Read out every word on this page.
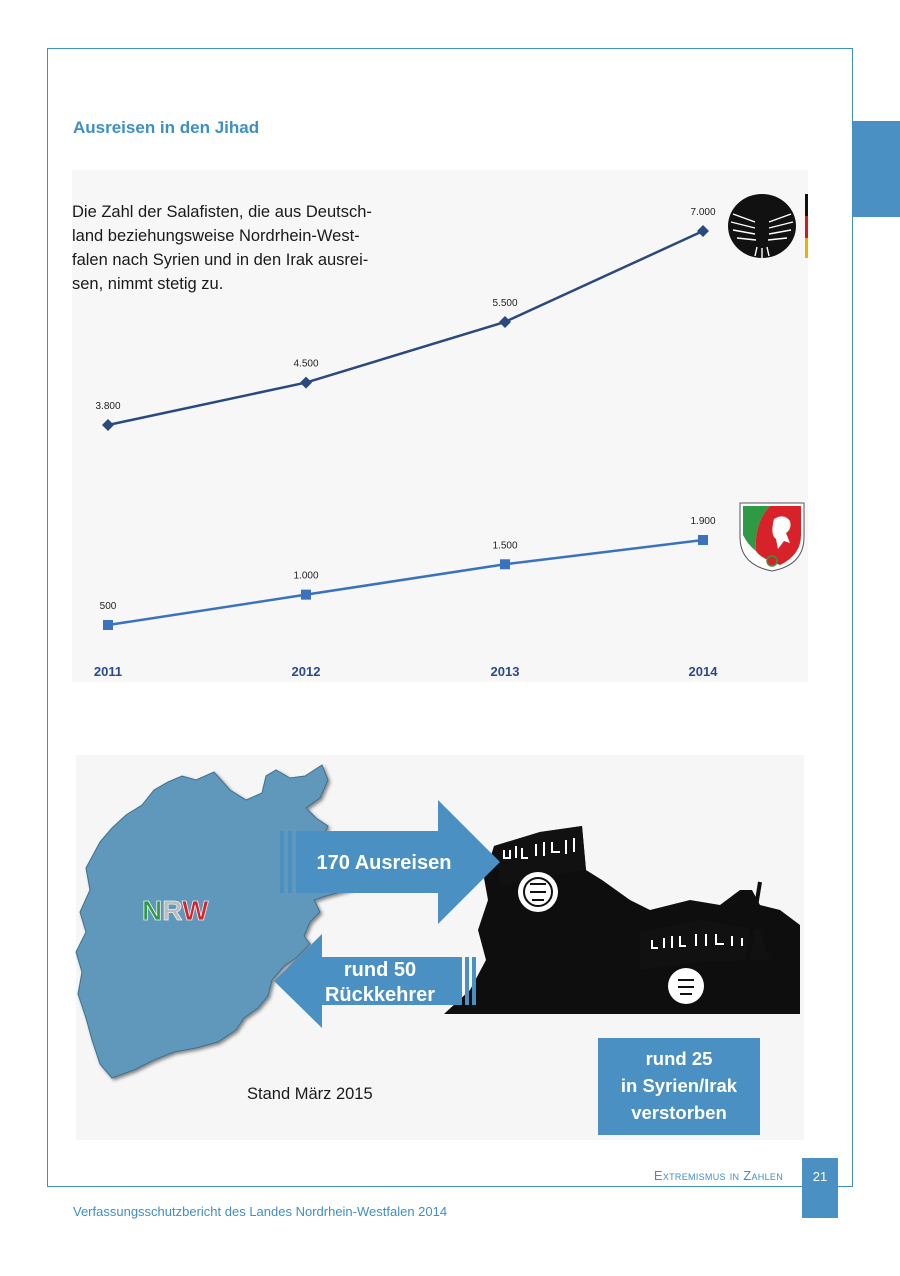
Ausreisen in den Jihad
3.800
4.500
5.500
7.000
500
1.000
1.500
1.900
2011	2012	2013	2014
Die Zahl der Salafisten, die aus Deutsch-
land beziehungsweise Nordrhein-West-
falen nach Syrien und in den Irak ausrei-
sen, nimmt stetig zu.
NRW
170 Ausreisen
rund 50
Rückkehrer
rund 25
in Syrien/Irak
verstorben
Stand März 2015
Extremismus in Zahlen	21
Verfassungsschutzbericht des Landes Nordrhein-Westfalen 2014
